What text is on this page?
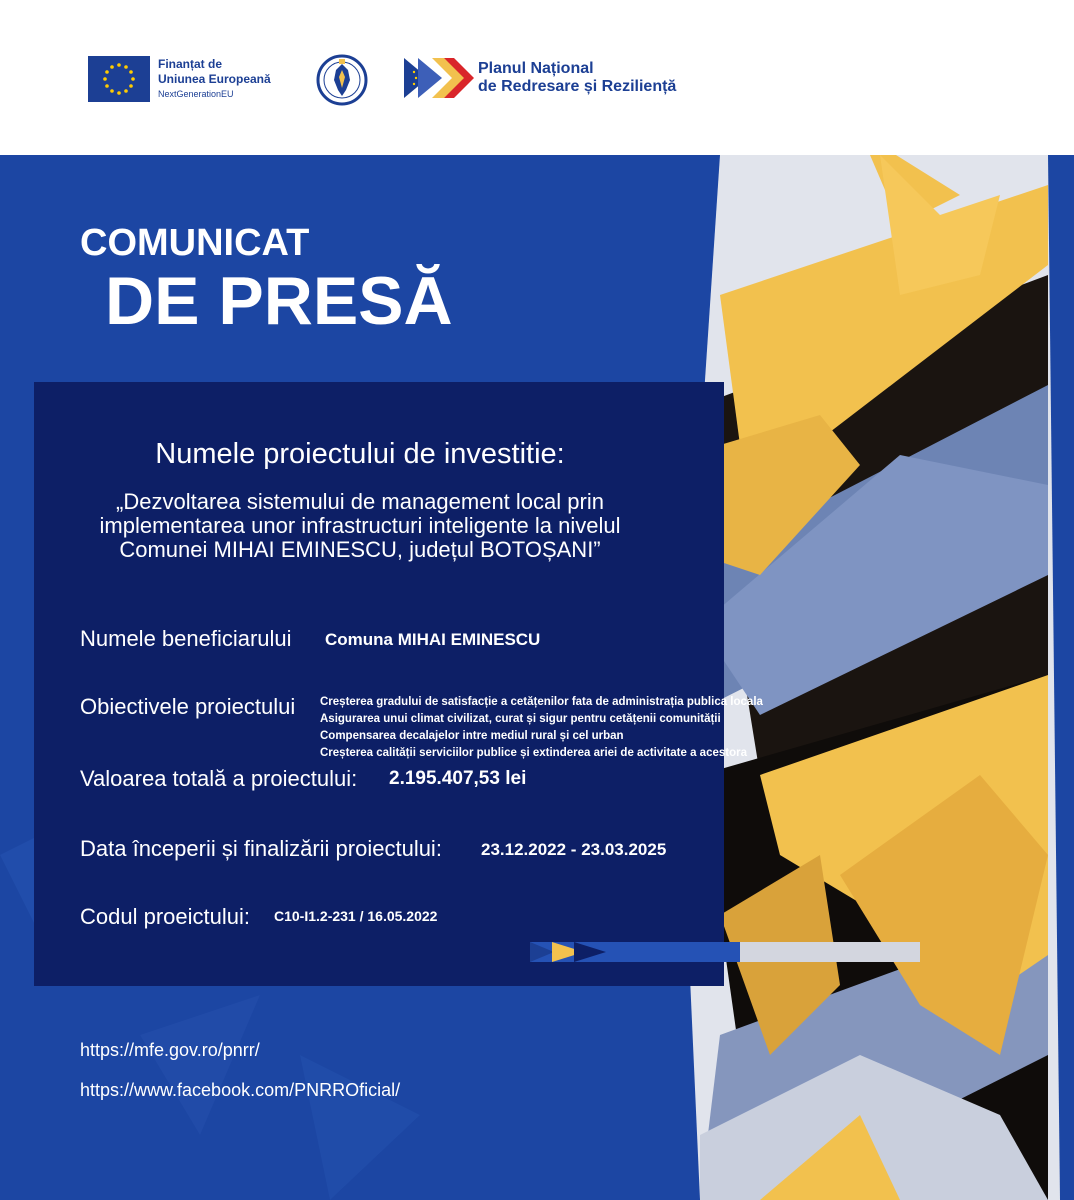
Finanțat de
Uniunea Europeană
NextGenerationEU
Planul Național
de Redresare și Reziliență
COMUNICAT
DE PRESĂ
Numele proiectului de investitie:
„Dezvoltarea sistemului de management local prin implementarea unor infrastructuri inteligente la nivelul Comunei MIHAI EMINESCU, județul BOTOȘANI”
Numele beneficiarului Comuna MIHAI EMINESCU
Obiectivele proiectului Creșterea gradului de satisfacție a cetățenilor fata de administrația publica locala
Asigurarea unui climat civilizat, curat și sigur pentru cetățenii comunității
Compensarea decalajelor intre mediul rural și cel urban
Creșterea calității serviciilor publice și extinderea ariei de activitate a acestora
Valoarea totală a proiectului: 2.195.407,53 lei
Data începerii și finalizării proiectului: 23.12.2022 - 23.03.2025
Codul proeictului: C10-I1.2-231 / 16.05.2022
https://mfe.gov.ro/pnrr/
https://www.facebook.com/PNRROficial/
